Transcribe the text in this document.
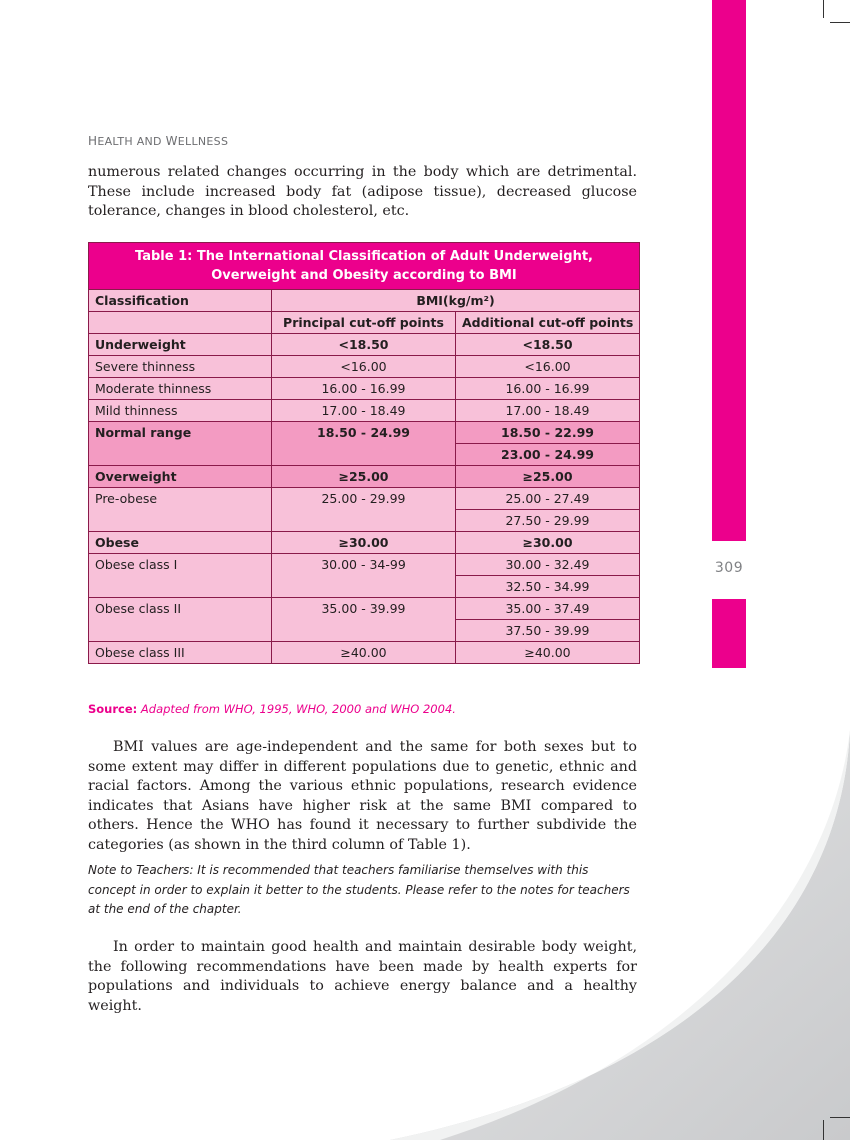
309
HEALTH AND WELLNESS

numerous related changes occurring in the body which are detrimental. These include increased body fat (adipose tissue), decreased glucose tolerance, changes in blood cholesterol, etc.

Table 1: The International Classification of Adult Underweight, Overweight and Obesity according to BMI		
Classification	BMI(kg/m²)	
	Principal cut-off points	Additional cut-off points
Underweight	<18.50	<18.50
Severe thinness	<16.00	<16.00
Moderate thinness	16.00 - 16.99	16.00 - 16.99
Mild thinness	17.00 - 18.49	17.00 - 18.49
Normal range	18.50 - 24.99	18.50 - 22.99
		23.00 - 24.99
Overweight	≥25.00	≥25.00
Pre-obese	25.00 - 29.99	25.00 - 27.49
		27.50 - 29.99
Obese	≥30.00	≥30.00
Obese class I	30.00 - 34-99	30.00 - 32.49
		32.50 - 34.99
Obese class II	35.00 - 39.99	35.00 - 37.49
		37.50 - 39.99
Obese class III	≥40.00	≥40.00
Source: Adapted from WHO, 1995, WHO, 2000 and WHO 2004.

BMI values are age-independent and the same for both sexes but to some extent may differ in different populations due to genetic, ethnic and racial factors. Among the various ethnic populations, research evidence indicates that Asians have higher risk at the same BMI compared to others. Hence the WHO has found it necessary to further subdivide the categories (as shown in the third column of Table 1).

Note to Teachers: It is recommended that teachers familiarise themselves with this concept in order to explain it better to the students. Please refer to the notes for teachers at the end of the chapter.

In order to maintain good health and maintain desirable body weight, the following recommendations have been made by health experts for populations and individuals to achieve energy balance and a healthy weight.
